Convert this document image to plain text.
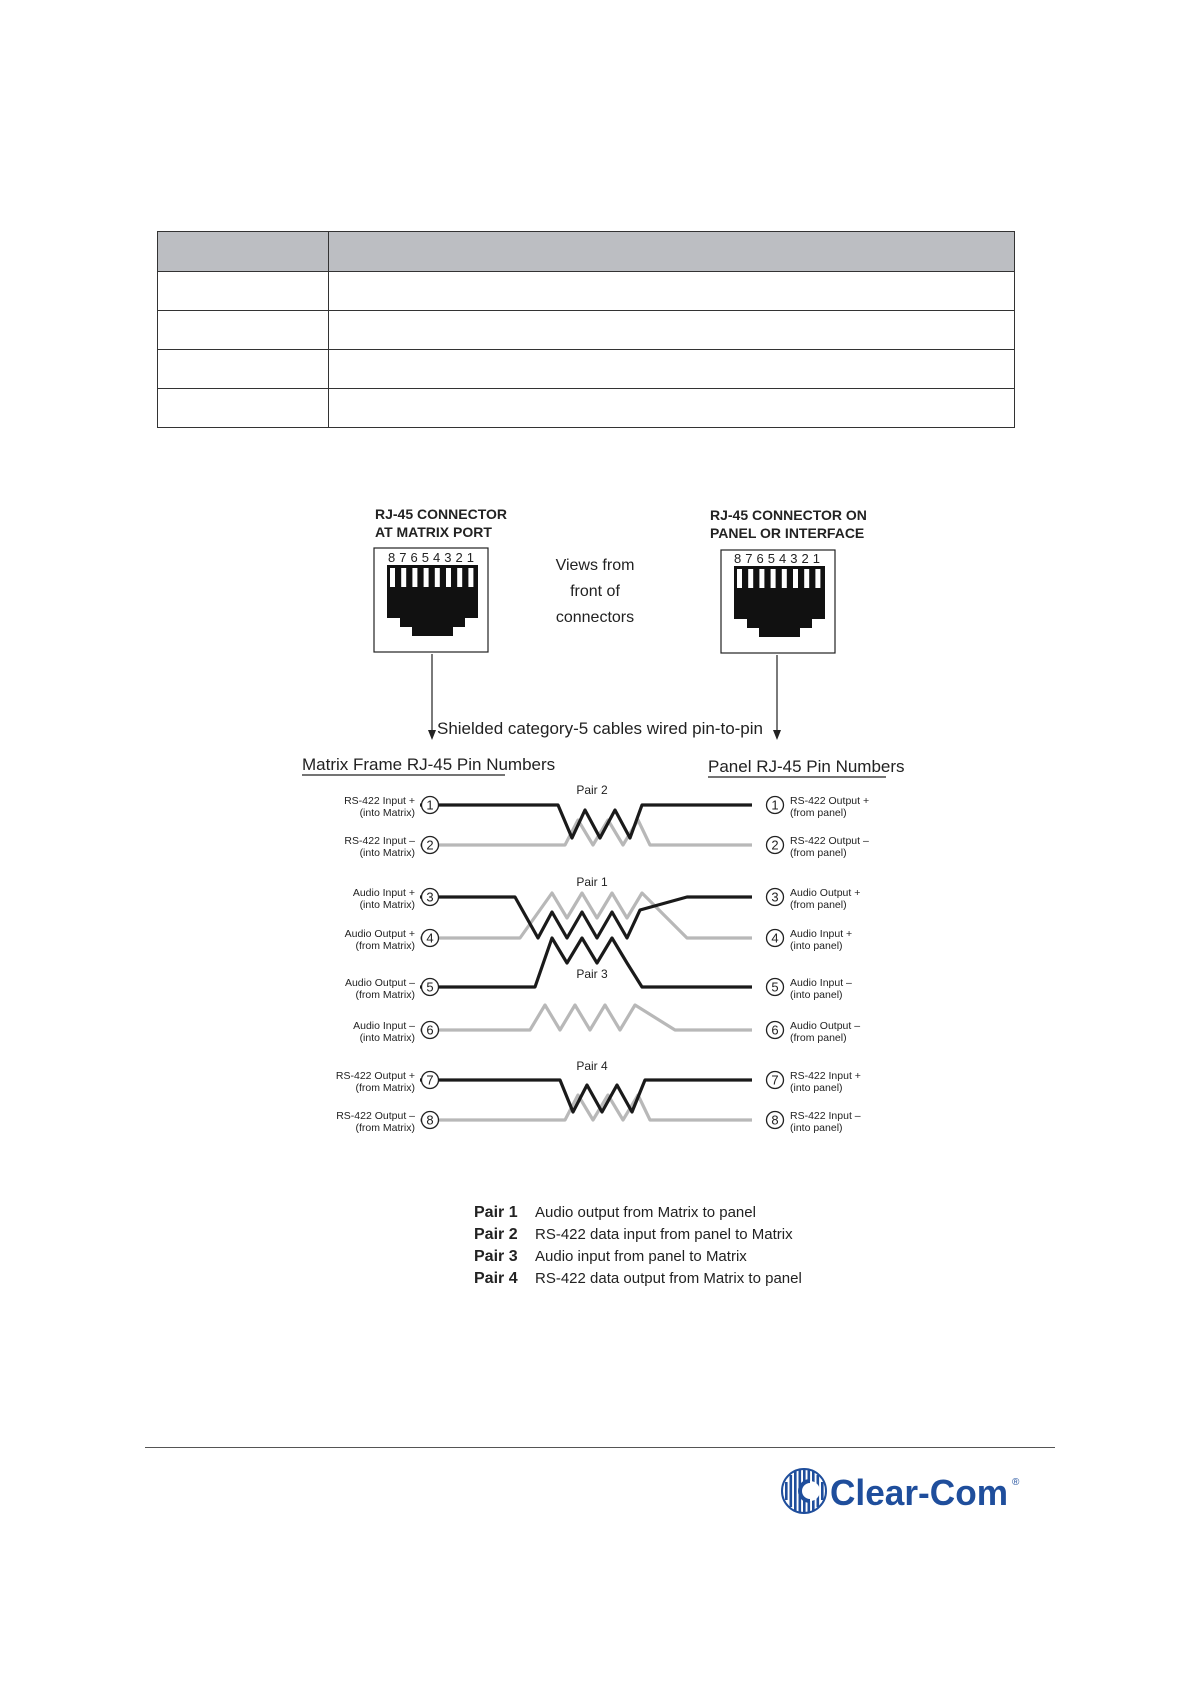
RJ-45 CONNECTOR
AT MATRIX PORT
RJ-45 CONNECTOR ON
PANEL OR INTERFACE
8 7 6 5 4 3 2 1	8 7 6 5 4 3 2 1
Views from
front of
connectors
Shielded category-5 cables wired pin-to-pin
Matrix Frame RJ-45 Pin Numbers	Panel RJ-45 Pin Numbers
Pair 2
Pair 1
Pair 3
Pair 4
1
RS-422 Input +
(into Matrix)
2
RS-422 Input –
(into Matrix)
3
Audio Input +
(into Matrix)
4
Audio Output +
(from Matrix)
5
Audio Output –
(from Matrix)
6
Audio Input –
(into Matrix)
7
RS-422 Output +
(from Matrix)
8
RS-422 Output –
(from Matrix)
1 RS-422 Output +
(from panel)
2 RS-422 Output –
(from panel)
3 Audio Output +
(from panel)
4 Audio Input +
(into panel)
5 Audio Input –
(into panel)
6 Audio Output –
(from panel)
7 RS-422 Input +
(into panel)
8 RS-422 Input –
(into panel)
Pair 1 Audio output from Matrix to panel
Pair 2 RS-422 data input from panel to Matrix
Pair 3 Audio input from panel to Matrix
Pair 4 RS-422 data output from Matrix to panel
Clear-Com ®
